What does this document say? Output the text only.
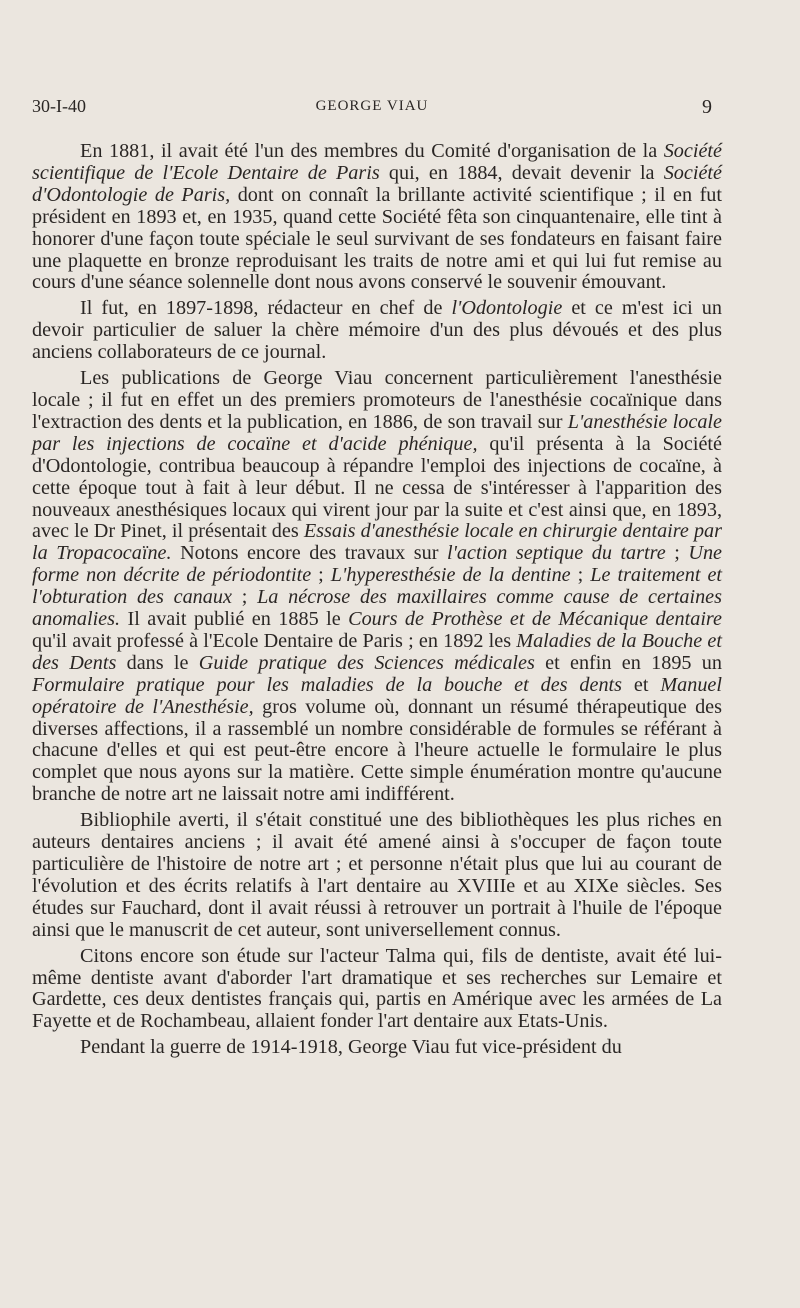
30-I-40	GEORGE VIAU	9

En 1881, il avait été l'un des membres du Comité d'organisation de la Société scientifique de l'Ecole Dentaire de Paris qui, en 1884, devait devenir la Société d'Odontologie de Paris, dont on connaît la brillante activité scientifique ; il en fut président en 1893 et, en 1935, quand cette Société fêta son cinquantenaire, elle tint à honorer d'une façon toute spéciale le seul survivant de ses fondateurs en faisant faire une plaquette en bronze reproduisant les traits de notre ami et qui lui fut remise au cours d'une séance solennelle dont nous avons conservé le souvenir émouvant.

Il fut, en 1897-1898, rédacteur en chef de l'Odontologie et ce m'est ici un devoir particulier de saluer la chère mémoire d'un des plus dévoués et des plus anciens collaborateurs de ce journal.

Les publications de George Viau concernent particulièrement l'anesthésie locale ; il fut en effet un des premiers promoteurs de l'anesthésie cocaïnique dans l'extraction des dents et la publication, en 1886, de son travail sur L'anesthésie locale par les injections de cocaïne et d'acide phénique, qu'il présenta à la Société d'Odontologie, contribua beaucoup à répandre l'emploi des injections de cocaïne, à cette époque tout à fait à leur début. Il ne cessa de s'intéresser à l'apparition des nouveaux anesthésiques locaux qui virent jour par la suite et c'est ainsi que, en 1893, avec le Dr Pinet, il présentait des Essais d'anesthésie locale en chirurgie dentaire par la Tropacocaïne. Notons encore des travaux sur l'action septique du tartre ; Une forme non décrite de périodontite ; L'hyperesthésie de la dentine ; Le traitement et l'obturation des canaux ; La nécrose des maxillaires comme cause de certaines anomalies. Il avait publié en 1885 le Cours de Prothèse et de Mécanique dentaire qu'il avait professé à l'Ecole Dentaire de Paris ; en 1892 les Maladies de la Bouche et des Dents dans le Guide pratique des Sciences médicales et enfin en 1895 un Formulaire pratique pour les maladies de la bouche et des dents et Manuel opératoire de l'Anesthésie, gros volume où, donnant un résumé thérapeutique des diverses affections, il a rassemblé un nombre considérable de formules se référant à chacune d'elles et qui est peut-être encore à l'heure actuelle le formulaire le plus complet que nous ayons sur la matière. Cette simple énumération montre qu'aucune branche de notre art ne laissait notre ami indifférent.

Bibliophile averti, il s'était constitué une des bibliothèques les plus riches en auteurs dentaires anciens ; il avait été amené ainsi à s'occuper de façon toute particulière de l'histoire de notre art ; et personne n'était plus que lui au courant de l'évolution et des écrits relatifs à l'art dentaire au XVIIIe et au XIXe siècles. Ses études sur Fauchard, dont il avait réussi à retrouver un portrait à l'huile de l'époque ainsi que le manuscrit de cet auteur, sont universellement connus.

Citons encore son étude sur l'acteur Talma qui, fils de dentiste, avait été lui-même dentiste avant d'aborder l'art dramatique et ses recherches sur Lemaire et Gardette, ces deux dentistes français qui, partis en Amérique avec les armées de La Fayette et de Rochambeau, allaient fonder l'art dentaire aux Etats-Unis.

Pendant la guerre de 1914-1918, George Viau fut vice-président du
